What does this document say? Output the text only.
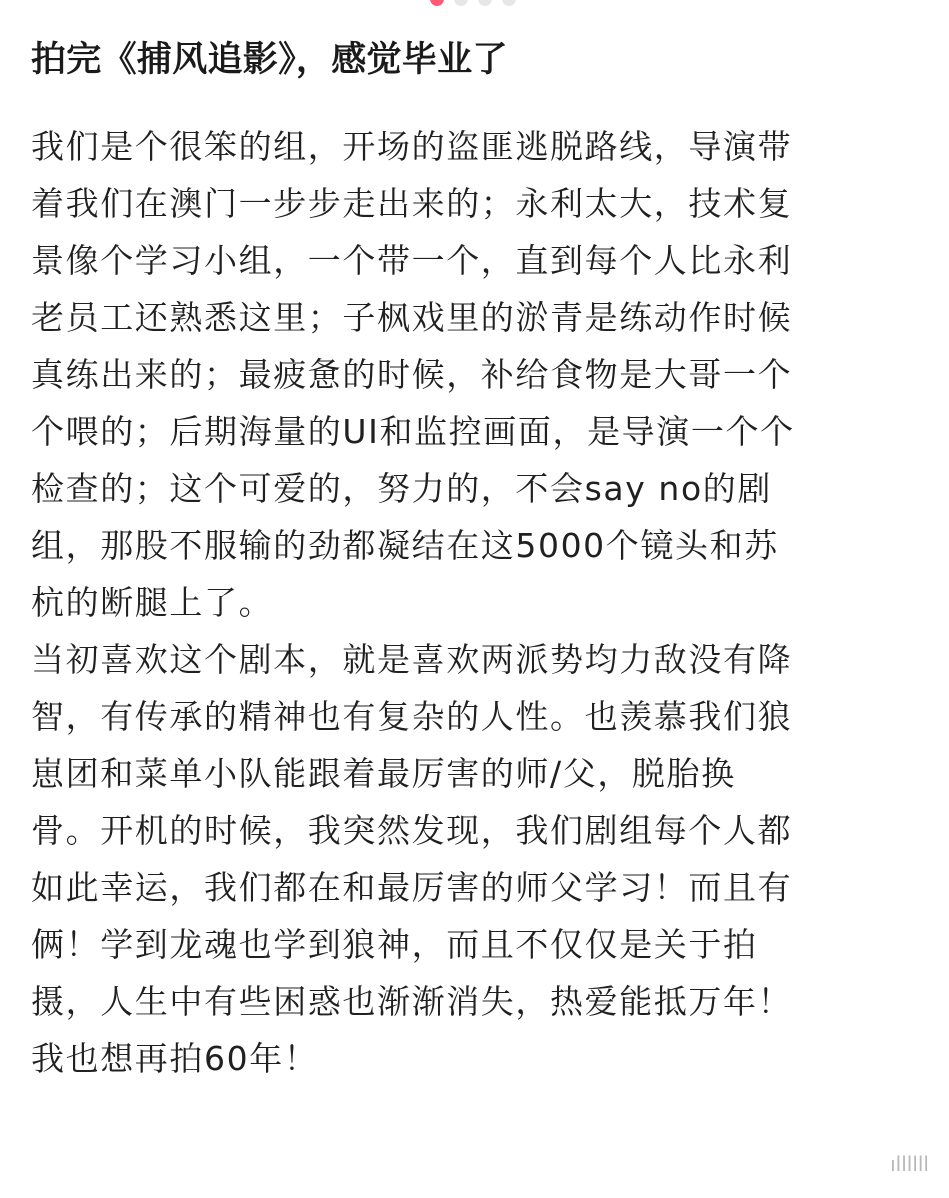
拍完《捕风追影》，感觉毕业了

我们是个很笨的组，开场的盗匪逃脱路线，导演带
着我们在澳门一步步走出来的；永利太大，技术复
景像个学习小组，一个带一个，直到每个人比永利
老员工还熟悉这里；子枫戏里的淤青是练动作时候
真练出来的；最疲惫的时候，补给食物是大哥一个
个喂的；后期海量的UI和监控画面，是导演一个个
检查的；这个可爱的，努力的，不会say no的剧
组，那股不服输的劲都凝结在这5000个镜头和苏
杭的断腿上了。

当初喜欢这个剧本，就是喜欢两派势均力敌没有降
智，有传承的精神也有复杂的人性。也羡慕我们狼
崽团和菜单小队能跟着最厉害的师/父，脱胎换
骨。开机的时候，我突然发现，我们剧组每个人都
如此幸运，我们都在和最厉害的师父学习！而且有
俩！学到龙魂也学到狼神，而且不仅仅是关于拍
摄，人生中有些困惑也渐渐消失，热爱能抵万年！
我也想再拍60年！

ıllllll
